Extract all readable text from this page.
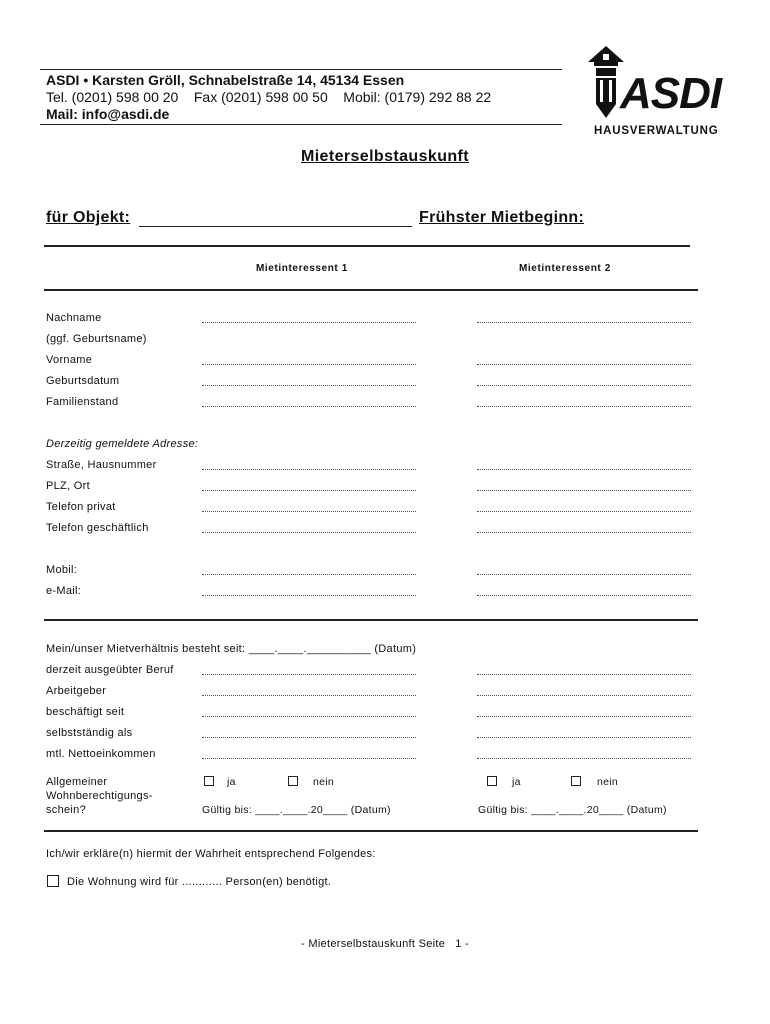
ASDI • Karsten Gröll, Schnabelstraße 14, 45134 Essen
Tel. (0201) 598 00 20    Fax (0201) 598 00 50    Mobil: (0179) 292 88 22
Mail: info@asdi.de	ASDI
HAUSVERWALTUNG
Mieterselbstauskunft
für Objekt:	Frühster Mietbeginn:
Mietinteressent 1	Mietinteressent 2
Nachname
(ggf. Geburtsname)
Vorname
Geburtsdatum
Familienstand
Derzeitig gemeldete Adresse:
Straße, Hausnummer
PLZ, Ort
Telefon privat
Telefon geschäftlich
Mobil:
e-Mail:
Mein/unser Mietverhältnis besteht seit: ____.____.__________ (Datum)
derzeit ausgeübter Beruf
Arbeitgeber
beschäftigt seit
selbstständig als
mtl. Nettoeinkommen
Allgemeiner
Wohnberechtigungs-
schein?
ja	nein	ja	nein
Gültig bis: ____.____.20____ (Datum)	Gültig bis: ____.____.20____ (Datum)
Ich/wir erkläre(n) hiermit der Wahrheit entsprechend Folgendes:
Die Wohnung wird für ............ Person(en) benötigt.
- Mieterselbstauskunft Seite   1 -
